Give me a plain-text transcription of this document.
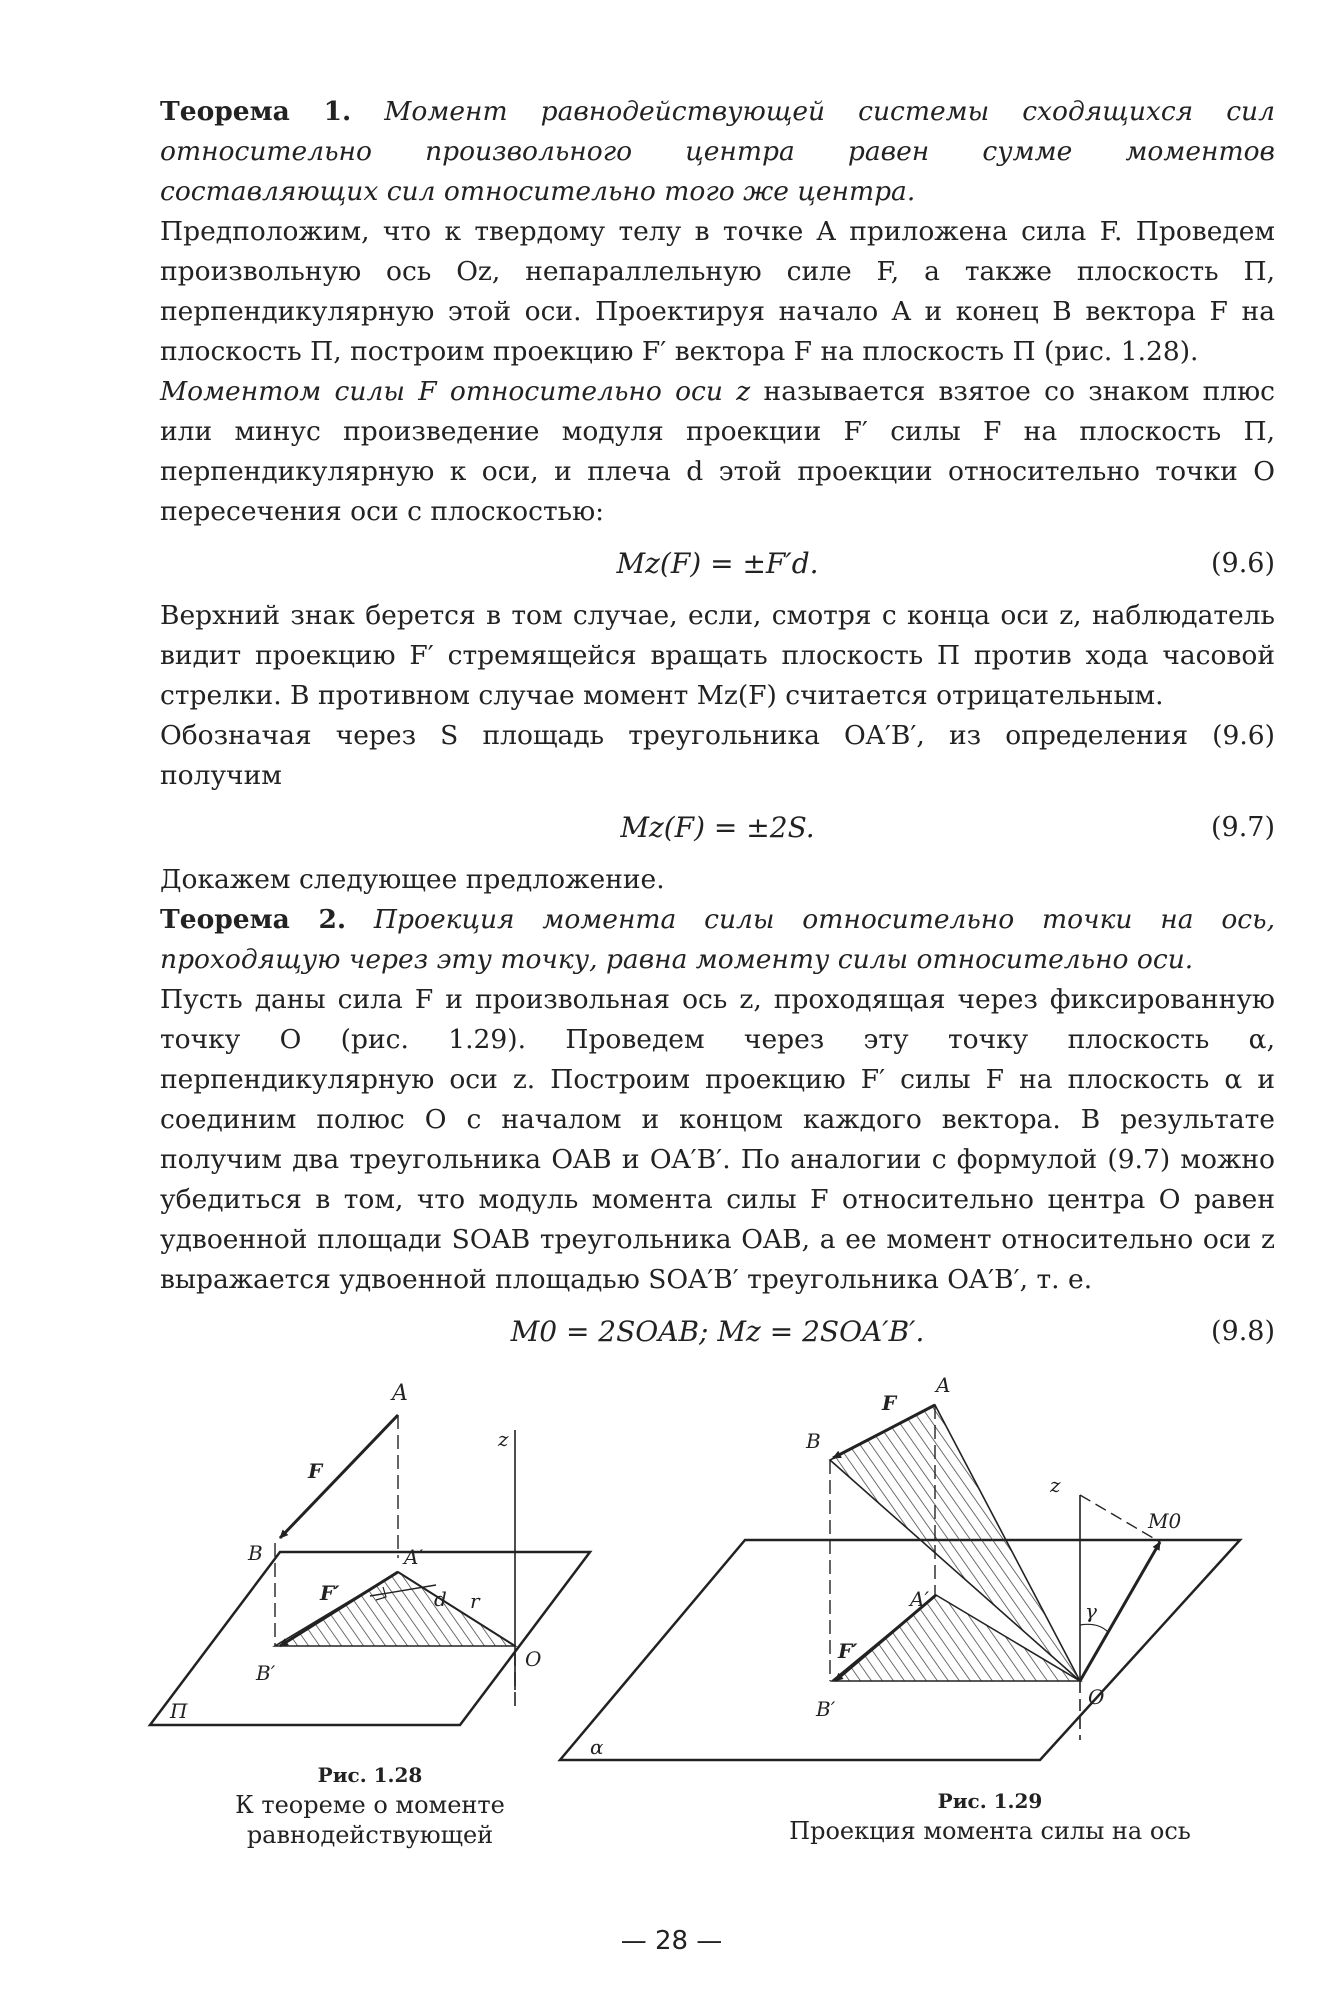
Теорема 1. Момент равнодействующей системы сходящихся сил относительно произвольного центра равен сумме моментов составляющих сил относительно того же центра.

Предположим, что к твердому телу в точке A приложена сила F. Проведем произвольную ось Oz, непараллельную силе F, а также плоскость П, перпендикулярную этой оси. Проектируя начало A и конец B вектора F на плоскость П, построим проекцию F′ вектора F на плоскость П (рис. 1.28).

Моментом силы F относительно оси z называется взятое со знаком плюс или минус произведение модуля проекции F′ силы F на плоскость П, перпендикулярную к оси, и плеча d этой проекции относительно точки O пересечения оси с плоскостью:

Mz(F) = ±F′d.	(9.6)

Верхний знак берется в том случае, если, смотря с конца оси z, наблюдатель видит проекцию F′ стремящейся вращать плоскость П против хода часовой стрелки. В противном случае момент Mz(F) считается отрицательным.

Обозначая через S площадь треугольника OA′B′, из определения (9.6) получим

Mz(F) = ±2S.	(9.7)

Докажем следующее предложение.

Теорема 2. Проекция момента силы относительно точки на ось, проходящую через эту точку, равна моменту силы относительно оси.

Пусть даны сила F и произвольная ось z, проходящая через фиксированную точку O (рис. 1.29). Проведем через эту точку плоскость α, перпендикулярную оси z. Построим проекцию F′ силы F на плоскость α и соединим полюс O с началом и концом каждого вектора. В результате получим два треугольника OAB и OA′B′. По аналогии с формулой (9.7) можно убедиться в том, что модуль момента силы F относительно центра O равен удвоенной площади SOAB треугольника OAB, а ее момент относительно оси z выражается удвоенной площадью SOA′B′ треугольника OA′B′, т. е.

M0 = 2SOAB; Mz = 2SOA′B′.	(9.8)
A
z
F
B	A′
F′	d r
O
B′
П
A
F
B
z
M0
A′	γ
F′
B′	O
α
Рис. 1.28
К теореме о моменте
равнодействующей
Рис. 1.29
Проекция момента силы на ось
— 28 —
